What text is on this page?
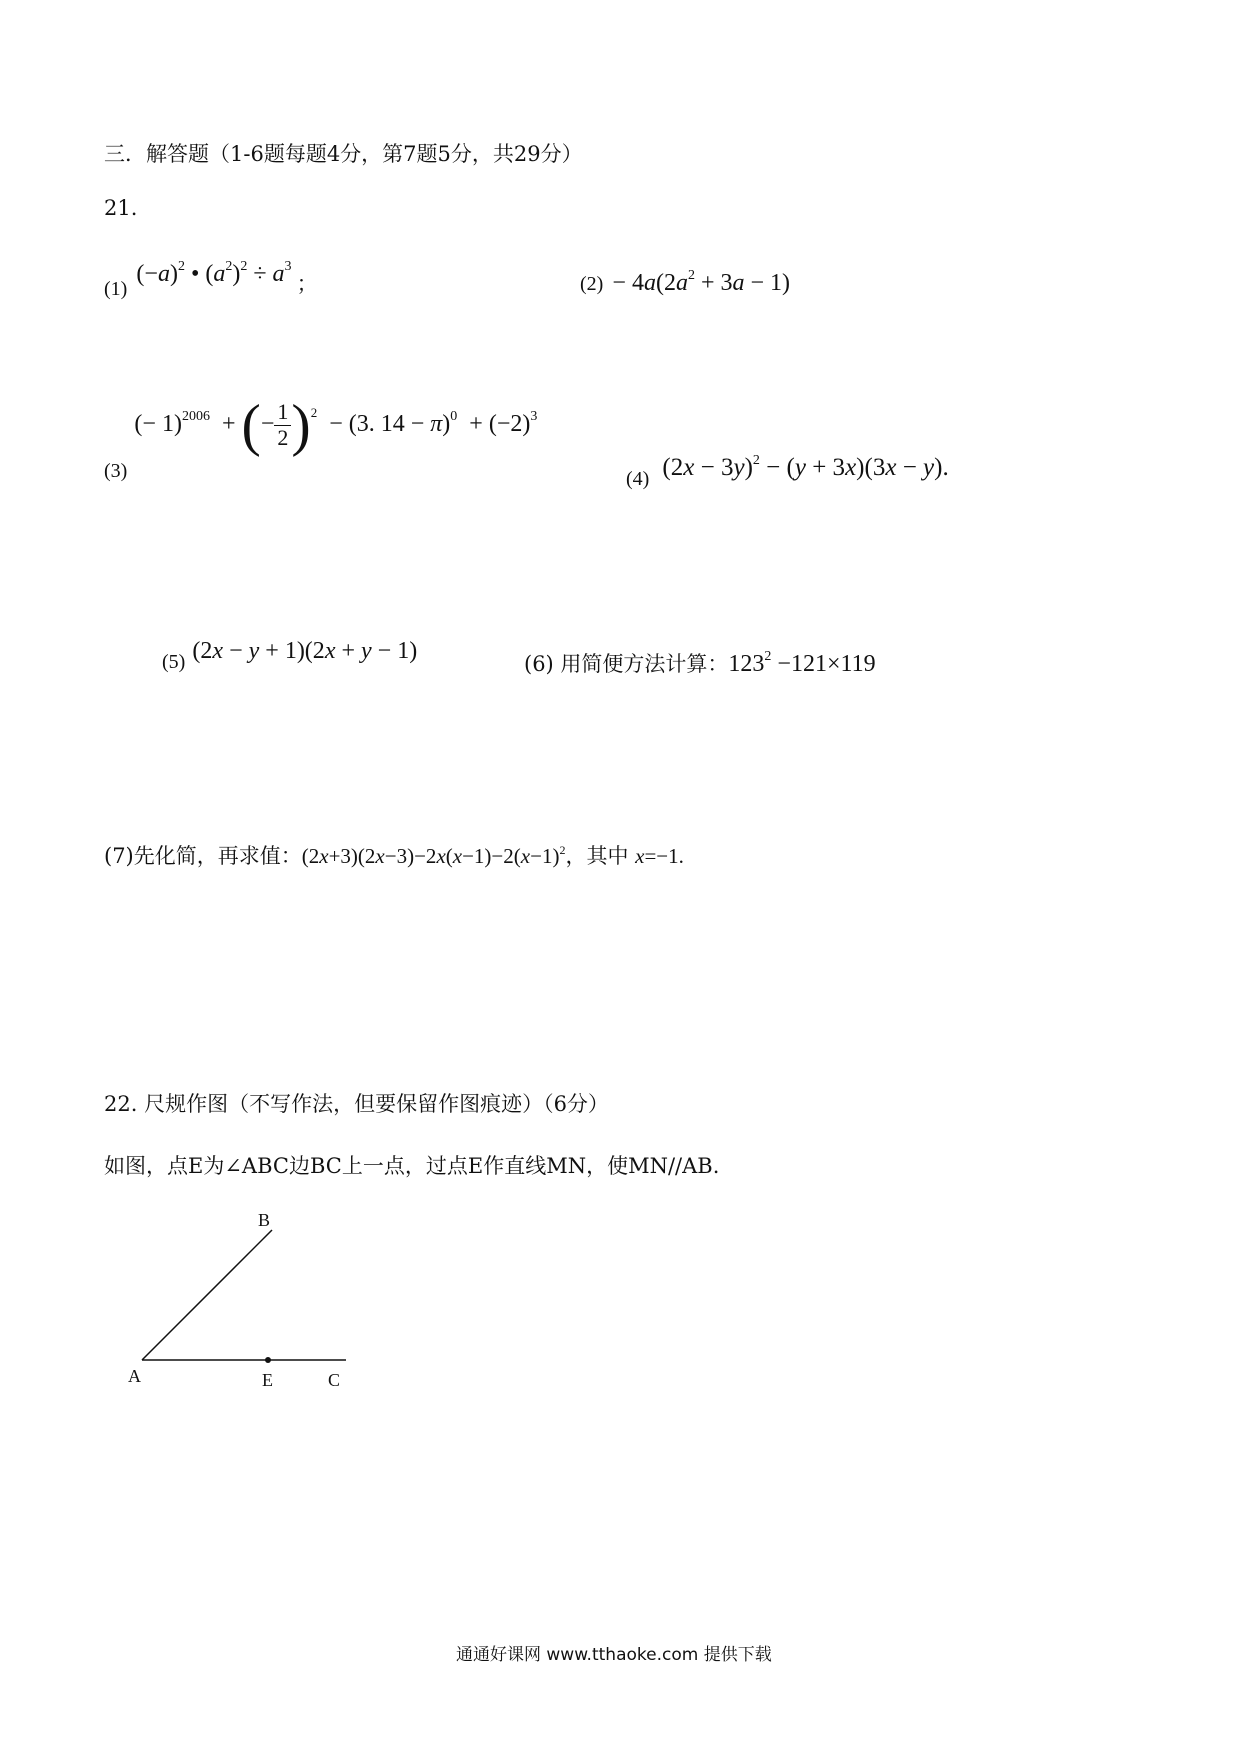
三．解答题（1-6题每题4分，第7题5分，共29分）
21.
(1) $(-a)^2$ • $(a^2)^2 \div a^3$ ；	$(2) - 4a(2a^2 + 3a - 1)$
(3) (− 1)$^{2006}$  + (− $\frac{1}{2} )^2 - (3$. $14 - \pi)^0 + (-2)^3$
(4) $(2x - 3y)^2 - (y + 3x)(3x - y)$.
(5) (2x − y + 1)(2x + y − 1)	(6) 用简便方法计算：$123^2 -121\times 119$
(7)先化简，再求值：$(2x+3)(2x-3)-2x(x-1)-2(x-1)^2$，其中 x=−1.
22. 尺规作图（不写作法，但要保留作图痕迹）（6分）
如图，点E为∠ABC边BC上一点，过点E作直线MN，使MN//AB.
A
B
C
E
通通好课网 www.tthaoke.com 提供下载
